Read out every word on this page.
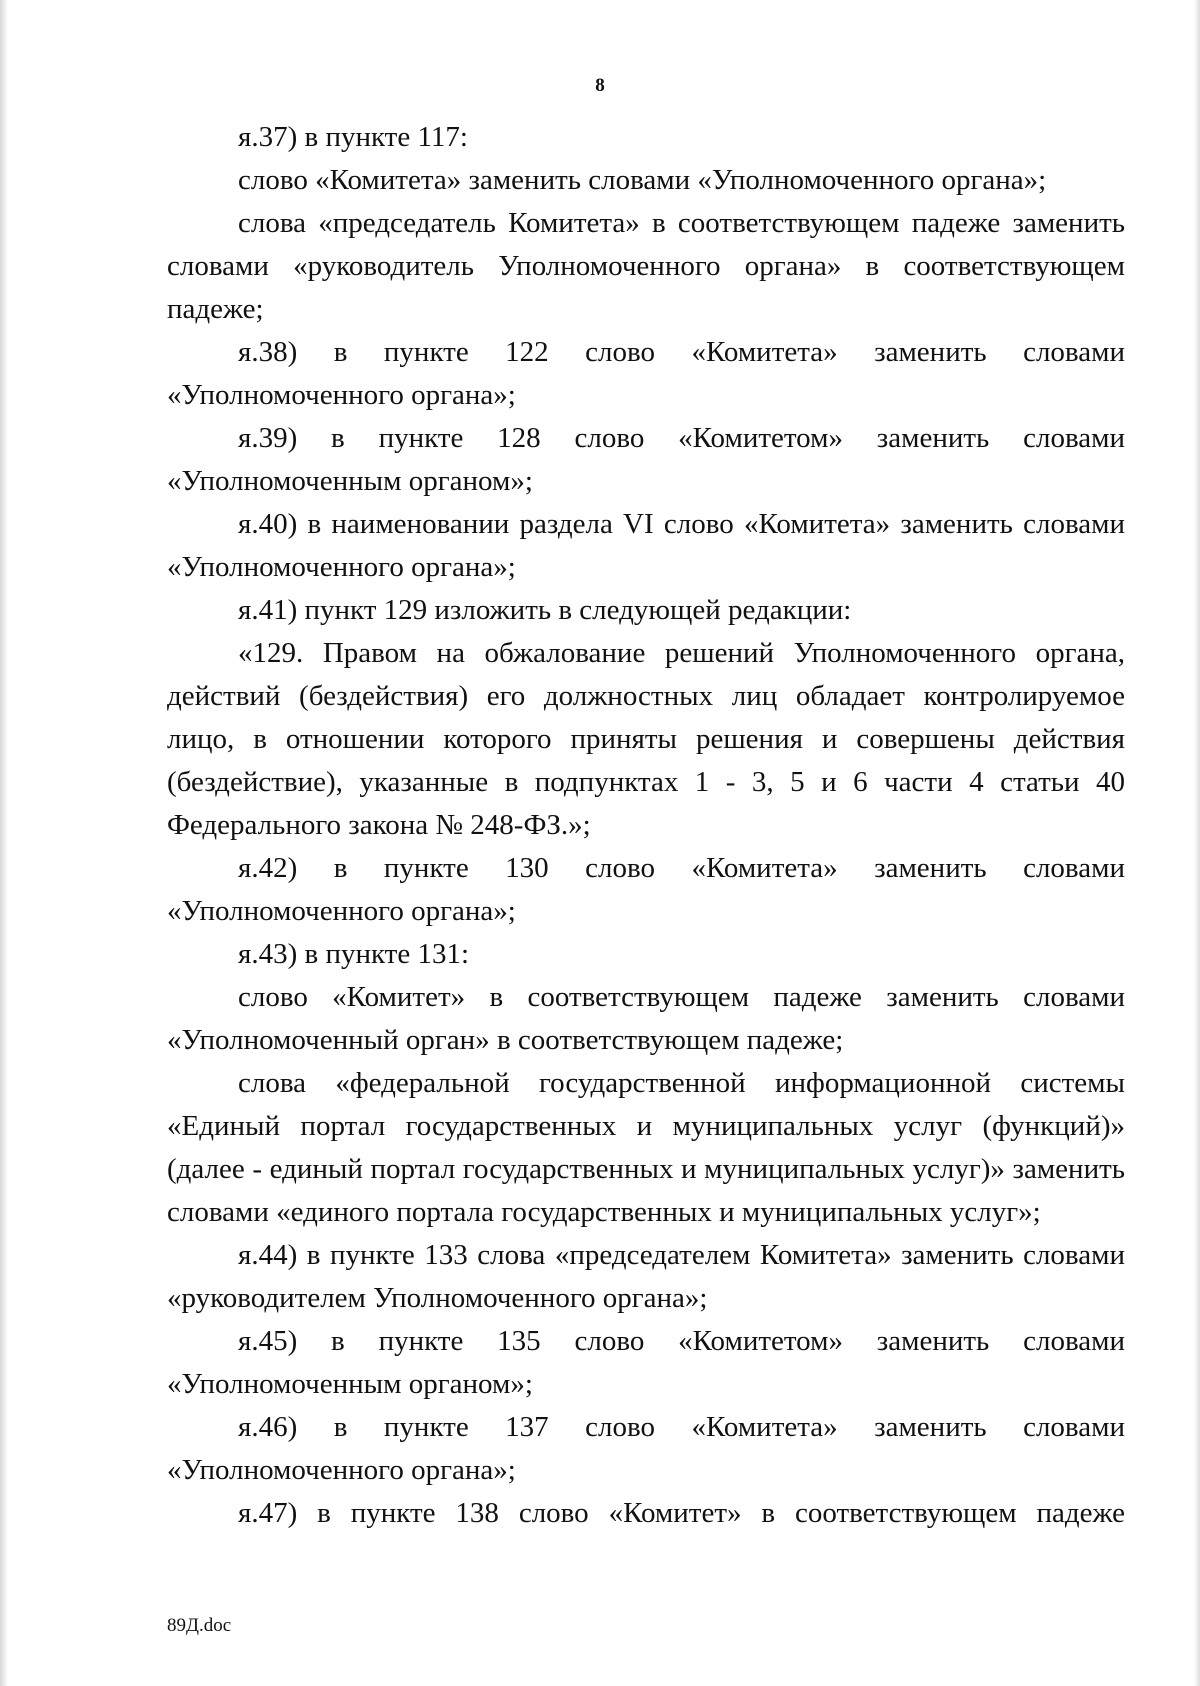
8

я.37) в пункте 117:

слово «Комитета» заменить словами «Уполномоченного органа»;

слова «председатель Комитета» в соответствующем падеже заменить словами «руководитель Уполномоченного органа» в соответствующем падеже;

я.38) в пункте 122 слово «Комитета» заменить словами «Уполномоченного органа»;

я.39) в пункте 128 слово «Комитетом» заменить словами «Уполномоченным органом»;

я.40) в наименовании раздела VI слово «Комитета» заменить словами «Уполномоченного органа»;

я.41) пункт 129 изложить в следующей редакции:

«129. Правом на обжалование решений Уполномоченного органа, действий (бездействия) его должностных лиц обладает контролируемое лицо, в отношении которого приняты решения и совершены действия (бездействие), указанные в подпунктах 1 - 3, 5 и 6 части 4 статьи 40 Федерального закона № 248-ФЗ.»;

я.42) в пункте 130 слово «Комитета» заменить словами «Уполномоченного органа»;

я.43) в пункте 131:

слово «Комитет» в соответствующем падеже заменить словами «Уполномоченный орган» в соответствующем падеже;

слова «федеральной государственной информационной системы «Единый портал государственных и муниципальных услуг (функций)» (далее - единый портал государственных и муниципальных услуг)» заменить словами «единого портала государственных и муниципальных услуг»;

я.44) в пункте 133 слова «председателем Комитета» заменить словами «руководителем Уполномоченного органа»;

я.45) в пункте 135 слово «Комитетом» заменить словами «Уполномоченным органом»;

я.46) в пункте 137 слово «Комитета» заменить словами «Уполномоченного органа»;

я.47) в пункте 138 слово «Комитет» в соответствующем падеже

89Д.doc
